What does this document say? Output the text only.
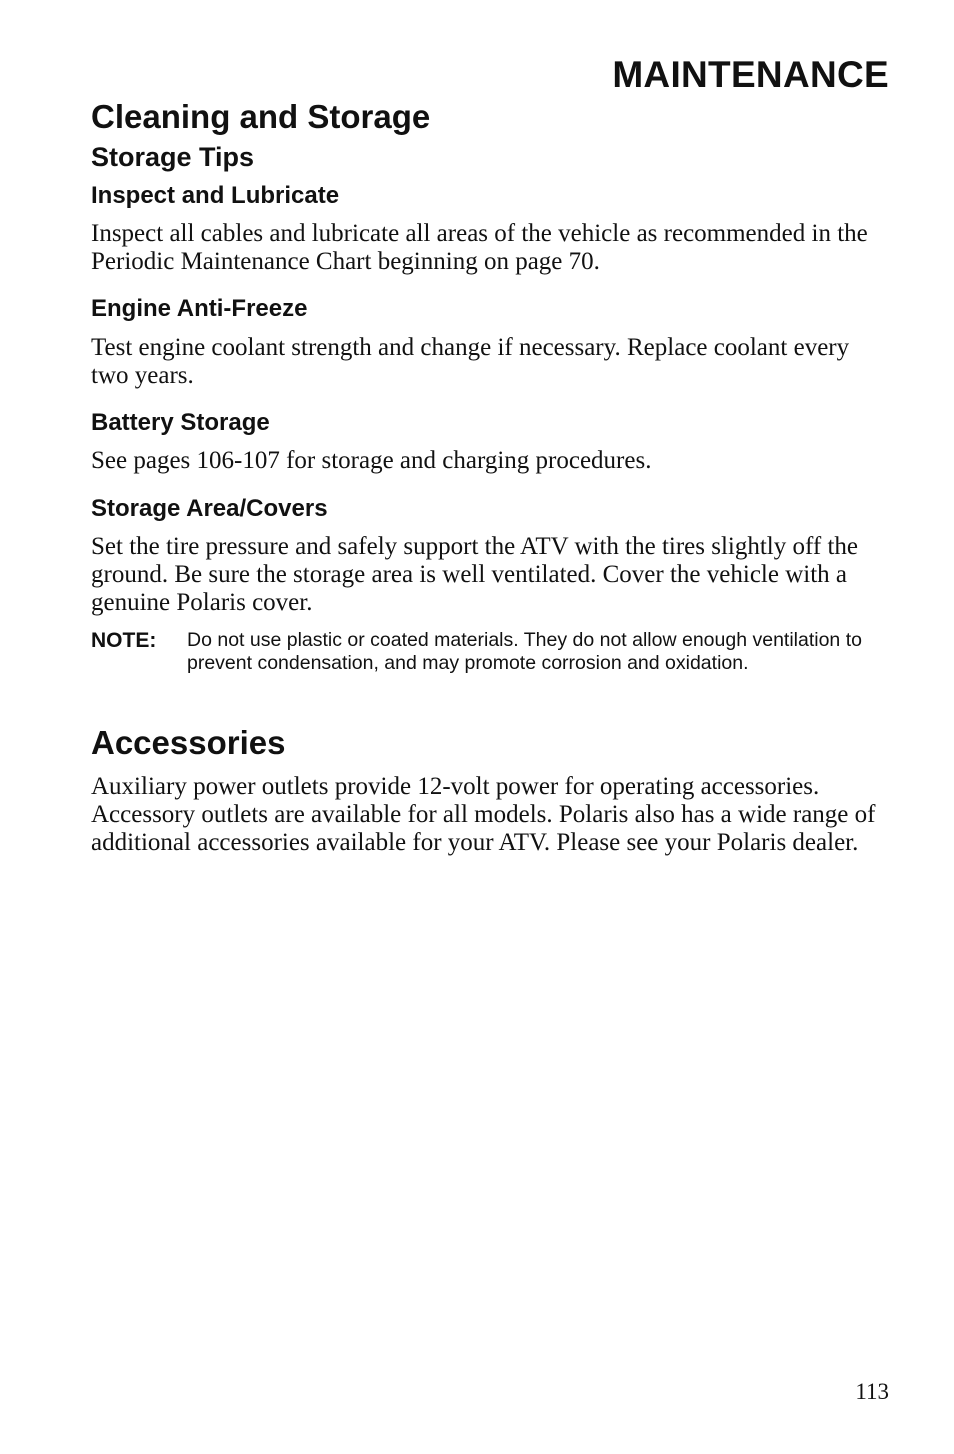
MAINTENANCE
Cleaning and Storage
Storage Tips
Inspect and Lubricate

Inspect all cables and lubricate all areas of the vehicle as recommended in the Periodic Maintenance Chart beginning on page 70.

Engine Anti-Freeze

Test engine coolant strength and change if necessary. Replace coolant every two years.

Battery Storage

See pages 106-107 for storage and charging procedures.

Storage Area/Covers

Set the tire pressure and safely support the ATV with the tires slightly off the ground. Be sure the storage area is well ventilated. Cover the vehicle with a genuine Polaris cover.

NOTE: Do not use plastic or coated materials. They do not allow enough ventilation to prevent condensation, and may promote corrosion and oxidation.

Accessories

Auxiliary power outlets provide 12-volt power for operating accessories. Accessory outlets are available for all models. Polaris also has a wide range of additional accessories available for your ATV. Please see your Polaris dealer.

113
